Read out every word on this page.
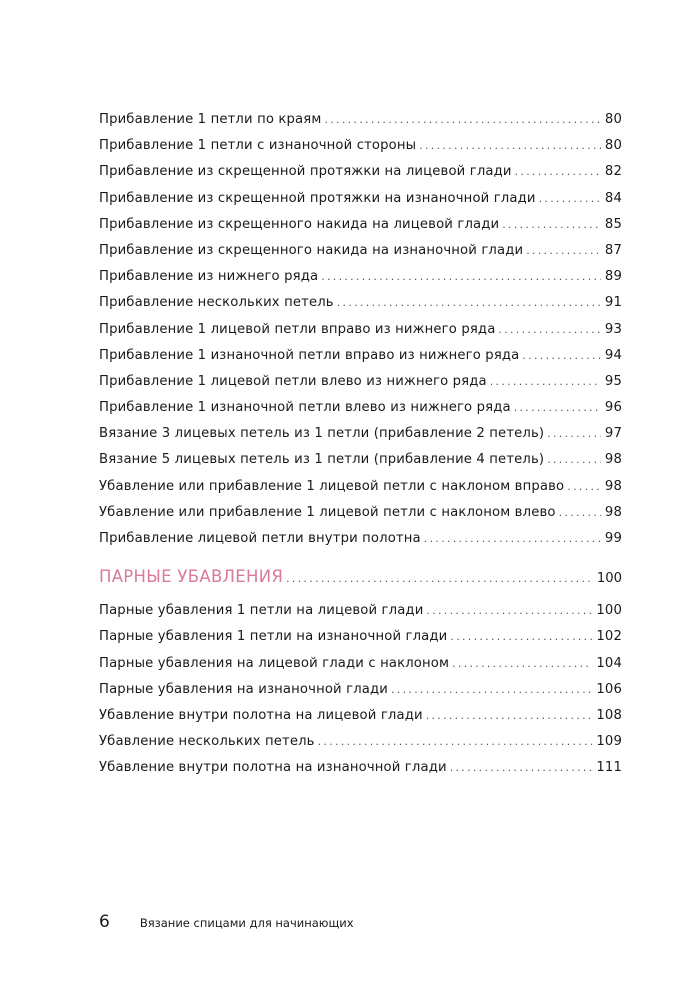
Прибавление 1 петли по краям . . .	80
Прибавление 1 петли с изнаночной стороны . . .	80
Прибавление из скрещенной протяжки на лицевой глади . . .	82
Прибавление из скрещенной протяжки на изнаночной глади . . .	84
Прибавление из скрещенного накида на лицевой глади . . .	85
Прибавление из скрещенного накида на изнаночной глади . . .	87
Прибавление из нижнего ряда . . .	89
Прибавление нескольких петель . . .	91
Прибавление 1 лицевой петли вправо из нижнего ряда . . .	93
Прибавление 1 изнаночной петли вправо из нижнего ряда . . .	94
Прибавление 1 лицевой петли влево из нижнего ряда . . .	95
Прибавление 1 изнаночной петли влево из нижнего ряда . . .	96
Вязание 3 лицевых петель из 1 петли (прибавление 2 петель) . . .	97
Вязание 5 лицевых петель из 1 петли (прибавление 4 петель) . . .	98
Убавление или прибавление 1 лицевой петли с наклоном вправо . . .	98
Убавление или прибавление 1 лицевой петли с наклоном влево . . .	98
Прибавление лицевой петли внутри полотна . . .	99
ПАРНЫЕ УБАВЛЕНИЯ . . .	100
Парные убавления 1 петли на лицевой глади . . .	100
Парные убавления 1 петли на изнаночной глади . . .	102
Парные убавления на лицевой глади с наклоном . . .	104
Парные убавления на изнаночной глади . . .	106
Убавление внутри полотна на лицевой глади . . .	108
Убавление нескольких петель . . .	109
Убавление внутри полотна на изнаночной глади . . .	111
6	Вязание спицами для начинающих
